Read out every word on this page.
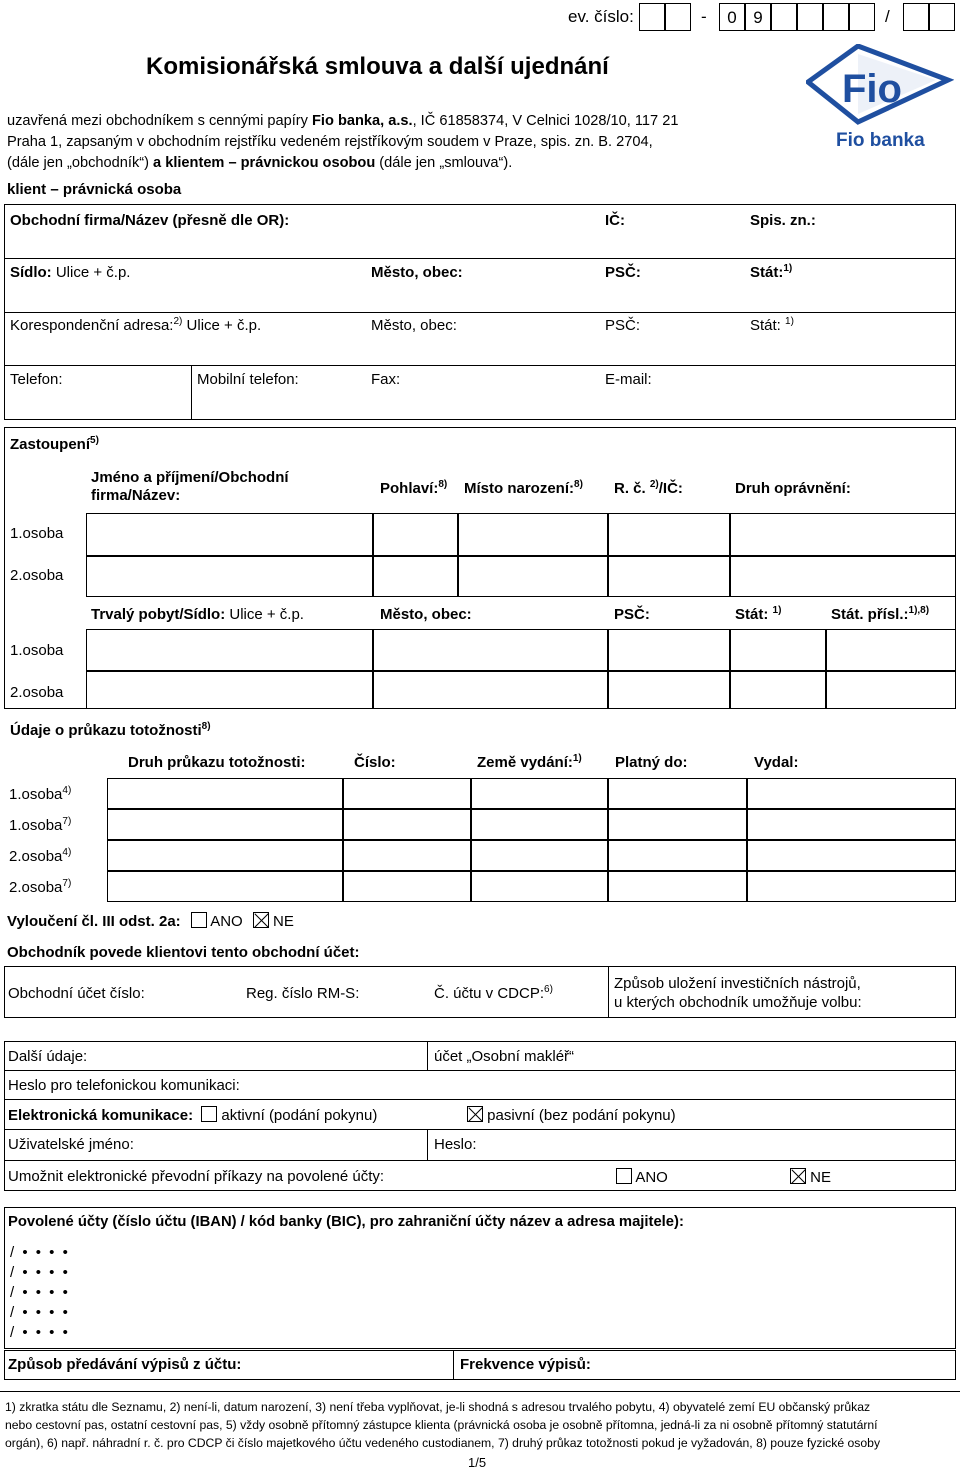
ev. číslo:	-	0 9	/
Komisionářská smlouva a další ujednání
Fio
Fio banka
uzavřená mezi obchodníkem s cennými papíry Fio banka, a.s., IČ 61858374, V Celnici 1028/10, 117 21
Praha 1, zapsaným v obchodním rejstříku vedeném rejstříkovým soudem v Praze, spis. zn. B. 2704,
(dále jen „obchodník“) a klientem – právnickou osobou (dále jen „smlouva“).
klient – právnická osoba
Obchodní firma/Název (přesně dle OR):	IČ:	Spis. zn.:
Sídlo: Ulice + č.p.	Město, obec:	PSČ:	Stát:$^{1)}$
Korespondenční adresa:$^{2)}$ Ulice + č.p.	Město, obec:	PSČ:	Stát: $^{1)}$
Telefon:	Mobilní telefon:	Fax:	E-mail:
Zastoupení$^{5)}$
Jméno a příjmení/Obchodní
firma/Název:	Pohlaví:$^{8)}$ Místo narození:$^{8)}$ R. č. $^{2)}$/IČ:	Druh oprávnění:
1.osoba
2.osoba
Trvalý pobyt/Sídlo: Ulice + č.p.	Město, obec:	PSČ:	Stát: $^{1)}$	Stát. přísl.:$^{1),8)}$
1.osoba
2.osoba
Údaje o průkazu totožnosti$^{8)}$
Druh průkazu totožnosti:	Číslo:	Země vydání:$^{1)}$ Platný do:	Vydal:
1.osoba$^{4)}$
1.osoba$^{7)}$
2.osoba$^{4)}$
2.osoba$^{7)}$
Vyloučení čl. III odst. 2a: ANO NE
Obchodník povede klientovi tento obchodní účet:
Obchodní účet číslo:	Reg. číslo RM-S:	Č. účtu v CDCP:$^{6)}$	Způsob uložení investičních nástrojů,
u kterých obchodník umožňuje volbu:
Další údaje:	účet „Osobní makléř“
Heslo pro telefonickou komunikaci:
Elektronická komunikace: aktivní (podání pokynu)	pasivní (bez podání pokynu)
Uživatelské jméno:	Heslo:
Umožnit elektronické převodní příkazy na povolené účty:	ANO	NE
Povolené účty (číslo účtu (IBAN) / kód banky (BIC), pro zahraniční účty název a adresa majitele):
/ • • • •
/ • • • •
/ • • • •
/ • • • •
/ • • • •
Způsob předávání výpisů z účtu:	Frekvence výpisů:
1) zkratka státu dle Seznamu, 2) není-li, datum narození, 3) není třeba vyplňovat, je-li shodná s adresou trvalého pobytu, 4) obyvatelé zemí EU občanský průkaz
nebo cestovní pas, ostatní cestovní pas, 5) vždy osobně přítomný zástupce klienta (právnická osoba je osobně přítomna, jedná-li za ni osobně přítomný statutární
orgán), 6) např. náhradní r. č. pro CDCP či číslo majetkového účtu vedeného custodianem, 7) druhý průkaz totožnosti pokud je vyžadován, 8) pouze fyzické osoby
1/5
